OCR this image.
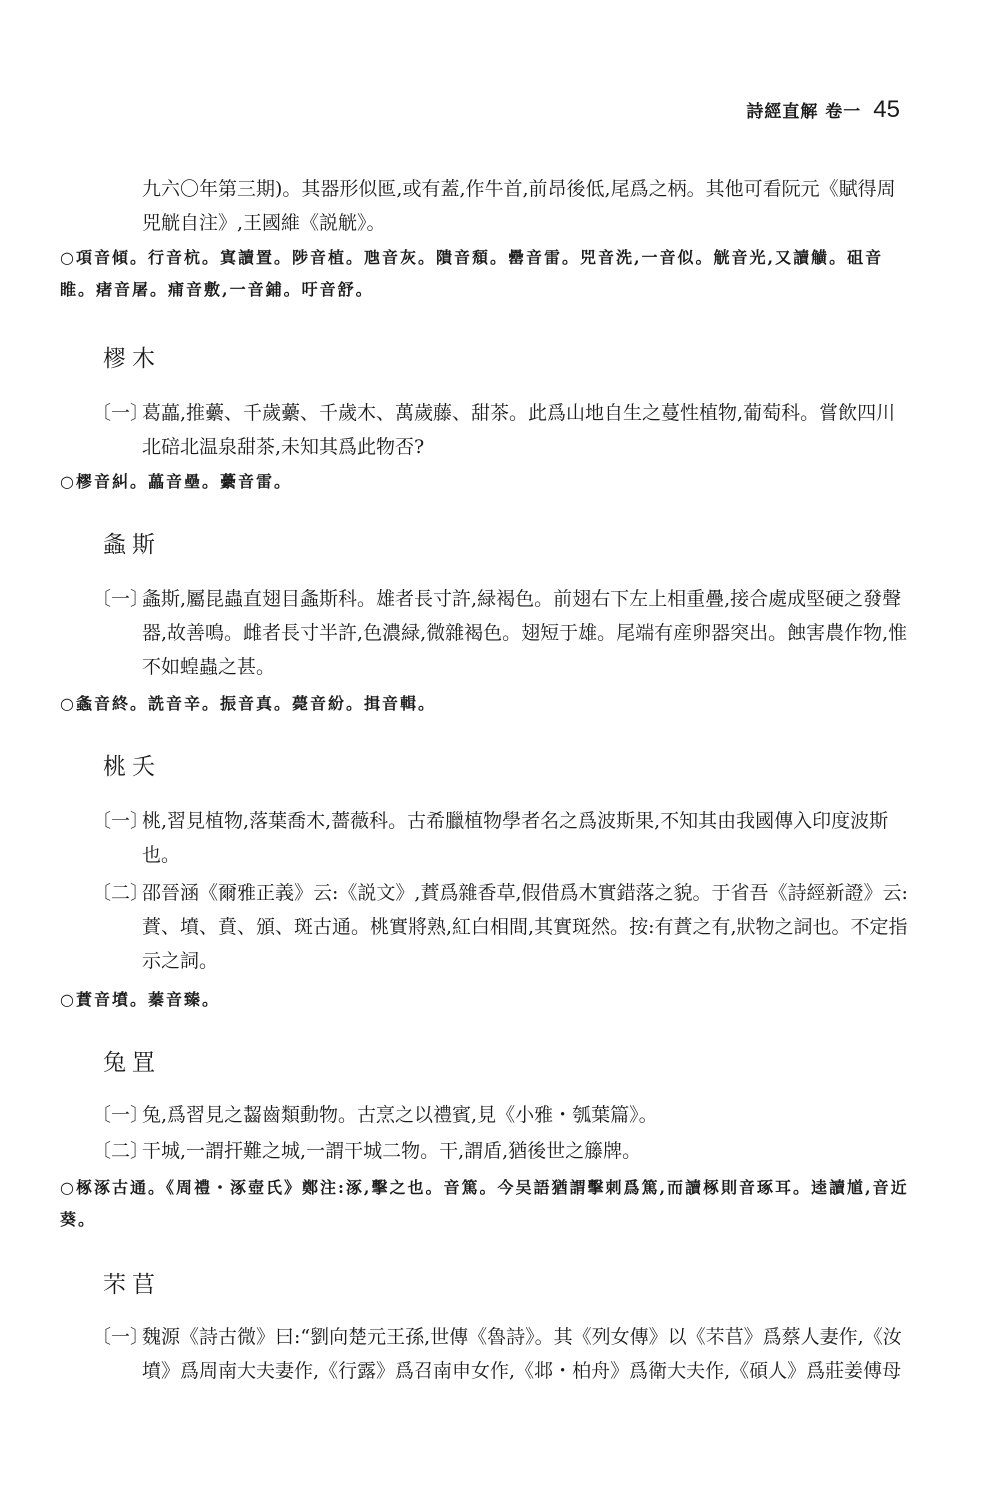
詩經直解 卷一 45
九六〇年第三期)。其器形似匜,或有蓋,作牛首,前昂後低,尾爲之柄。其他可看阮元《賦得周兕觥自注》,王國維《説觥》。
○項音傾。行音杭。寘讀置。陟音植。虺音灰。隤音頹。罍音雷。兕音洗,一音似。觥音光,又讀觵。砠音睢。瘏音屠。痡音敷,一音鋪。吁音舒。
樛木
〔一〕
葛藟,推虆、千歲虆、千歲木、萬歲藤、甜茶。此爲山地自生之蔓性植物,葡萄科。嘗飲四川北碚北温泉甜茶,未知其爲此物否?
○樛音糾。藟音壘。虆音雷。
螽斯
〔一〕
螽斯,屬昆蟲直翅目螽斯科。雄者長寸許,緑褐色。前翅右下左上相重疊,接合處成堅硬之發聲器,故善鳴。雌者長寸半許,色濃緑,微雜褐色。翅短于雄。尾端有産卵器突出。蝕害農作物,惟不如蝗蟲之甚。
○螽音終。詵音辛。振音真。薨音紛。揖音輯。
桃夭
〔一〕
桃,習見植物,落葉喬木,薔薇科。古希臘植物學者名之爲波斯果,不知其由我國傳入印度波斯也。
〔二〕
邵晉涵《爾雅正義》云:《説文》,蕡爲雜香草,假借爲木實錯落之貌。于省吾《詩經新證》云:蕡、墳、賁、頒、斑古通。桃實將熟,紅白相間,其實斑然。按:有蕡之有,狀物之詞也。不定指示之詞。
○蕡音墳。蓁音臻。
兔罝
〔一〕
兔,爲習見之齧齒類動物。古烹之以禮賓,見《小雅・瓠葉篇》。
〔二〕
干城,一謂扞難之城,一謂干城二物。干,謂盾,猶後世之籐牌。
○椓涿古通。《周禮・涿壺氏》鄭注:涿,擊之也。音篤。今吴語猶謂擊刺爲篤,而讀椓則音琢耳。逵讀馗,音近葵。
芣苢
〔一〕
魏源《詩古微》曰:“劉向楚元王孫,世傳《魯詩》。其《列女傳》以《芣苢》爲蔡人妻作,《汝墳》爲周南大夫妻作,《行露》爲召南申女作,《邶・柏舟》爲衛大夫作,《碩人》爲莊姜傅母
